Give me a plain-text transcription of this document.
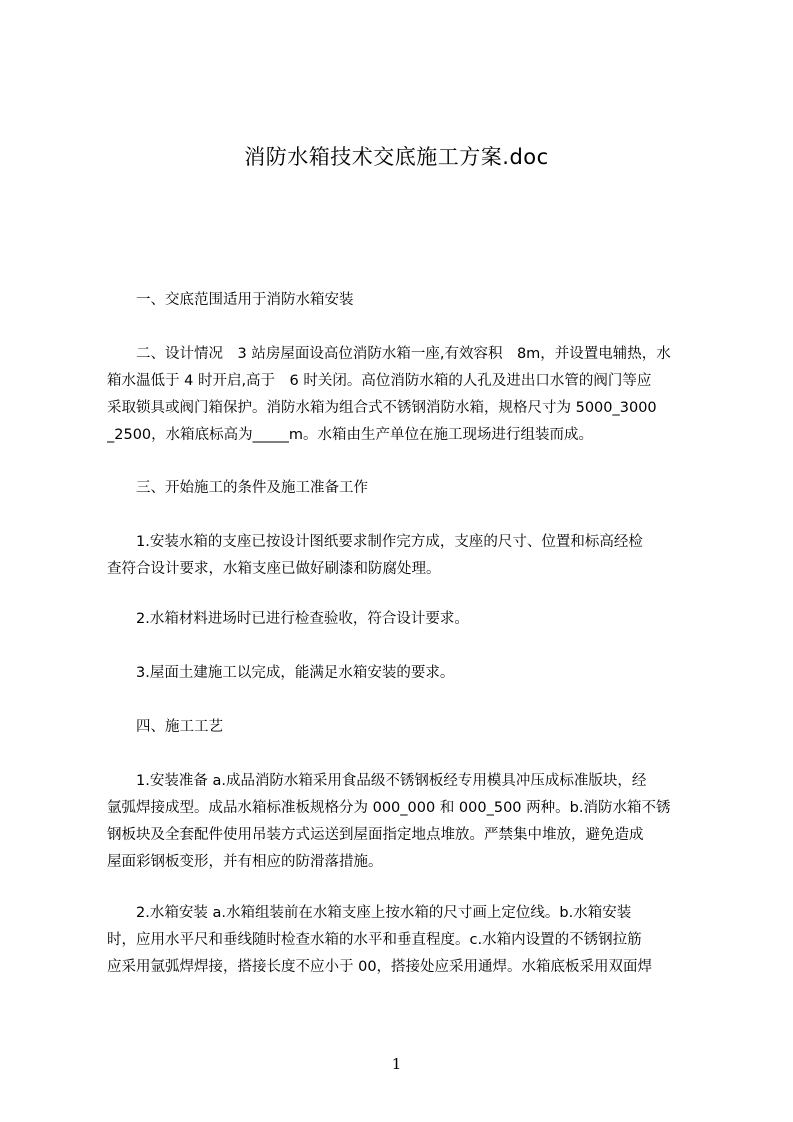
消防水箱技术交底施工方案.doc
　　一、交底范围适用于消防水箱安装
　　二、设计情况　3 站房屋面设高位消防水箱一座,有效容积　8m，并设置电辅热，水
箱水温低于 4 时开启,高于　6 时关闭。高位消防水箱的人孔及进出口水管的阀门等应
采取锁具或阀门箱保护。消防水箱为组合式不锈钢消防水箱，规格尺寸为 5000_3000
_2500，水箱底标高为_____m。水箱由生产单位在施工现场进行组装而成。
　　三、开始施工的条件及施工准备工作
　　1.安装水箱的支座已按设计图纸要求制作完方成，支座的尺寸、位置和标高经检
查符合设计要求，水箱支座已做好刷漆和防腐处理。
　　2.水箱材料进场时已进行检查验收，符合设计要求。
　　3.屋面土建施工以完成，能满足水箱安装的要求。
　　四、施工工艺
　　1.安装准备 a.成品消防水箱采用食品级不锈钢板经专用模具冲压成标准版块，经
氩弧焊接成型。成品水箱标准板规格分为 000_000 和 000_500 两种。b.消防水箱不锈
钢板块及全套配件使用吊装方式运送到屋面指定地点堆放。严禁集中堆放，避免造成
屋面彩钢板变形，并有相应的防滑落措施。
　　2.水箱安装 a.水箱组装前在水箱支座上按水箱的尺寸画上定位线。b.水箱安装
时，应用水平尺和垂线随时检查水箱的水平和垂直程度。c.水箱内设置的不锈钢拉筋
应采用氩弧焊焊接，搭接长度不应小于 00，搭接处应采用通焊。水箱底板采用双面焊
1
